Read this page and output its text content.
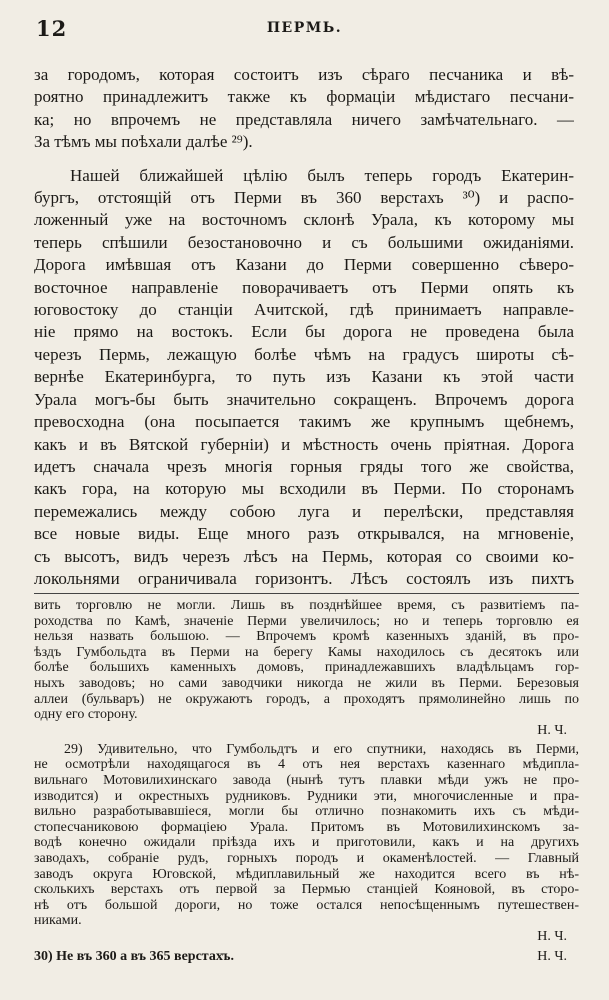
12	ПЕРМЬ.
за городомъ, которая состоитъ изъ сѣраго песчаника и вѣ-
роятно принадлежитъ также къ формаціи мѣдистаго песчани-
ка; но впрочемъ не представляла ничего замѣчательнаго. —
За тѣмъ мы поѣхали далѣе ²⁹).
Нашей ближайшей цѣлію былъ теперь городъ Екатерин-
бургъ, отстоящій отъ Перми въ 360 верстахъ ³⁰) и распо-
ложенный уже на восточномъ склонѣ Урала, къ которому мы
теперь спѣшили безостановочно и съ большими ожиданіями.
Дорога имѣвшая отъ Казани до Перми совершенно сѣверо-
восточное направленіе поворачиваетъ отъ Перми опять къ
юговостоку до станціи Ачитской, гдѣ принимаетъ направле-
ніе прямо на востокъ. Если бы дорога не проведена была
черезъ Пермь, лежащую болѣе чѣмъ на градусъ широты сѣ-
вернѣе Екатеринбурга, то путь изъ Казани къ этой части
Урала могъ-бы быть значительно сокращенъ. Впрочемъ дорога
превосходна (она посыпается такимъ же крупнымъ щебнемъ,
какъ и въ Вятской губерніи) и мѣстность очень пріятная. Дорога
идетъ сначала чрезъ многія горныя гряды того же свойства,
какъ гора, на которую мы всходили въ Перми. По сторонамъ
перемежались между собою луга и перелѣски, представляя
все новые виды. Еще много разъ открывался, на мгновеніе,
съ высотъ, видъ черезъ лѣсъ на Пермь, которая со своими ко-
локольнями ограничивала горизонтъ. Лѣсъ состоялъ изъ пихтъ
вить торговлю не могли. Лишь въ позднѣйшее время, съ развитіемъ па-
роходства по Камѣ, значеніе Перми увеличилось; но и теперь торговлю ея
нельзя назвать большою. — Впрочемъ кромѣ казенныхъ зданій, въ про-
ѣздъ Гумбольдта въ Перми на берегу Камы находилось съ десятокъ или
болѣе большихъ каменныхъ домовъ, принадлежавшихъ владѣльцамъ гор-
ныхъ заводовъ; но сами заводчики никогда не жили въ Перми. Березовыя
аллеи (бульваръ) не окружаютъ городъ, а проходятъ прямолинейно лишь по
одну его сторону.
Н. Ч.
29) Удивительно, что Гумбольдтъ и его спутники, находясь въ Перми,
не осмотрѣли находящагося въ 4 отъ нея верстахъ казеннаго мѣдипла-
вильнаго Мотовилихинскаго завода (нынѣ тутъ плавки мѣди ужъ не про-
изводится) и окрестныхъ рудниковъ. Рудники эти, многочисленные и пра-
вильно разработывавшіеся, могли бы отлично познакомить ихъ съ мѣди-
стопесчаниковою формаціею Урала. Притомъ въ Мотовилихинскомъ за-
водѣ конечно ожидали пріѣзда ихъ и приготовили, какъ и на другихъ
заводахъ, собраніе рудъ, горныхъ породъ и окаменѣлостей. — Главный
заводъ округа Юговской, мѣдиплавильный же находится всего въ нѣ-
сколькихъ верстахъ отъ первой за Пермью станціей Кояновой, въ сторо-
нѣ отъ большой дороги, но тоже остался непосѣщеннымъ путешествен-
никами.
Н. Ч.
30) Не въ 360 а въ 365 верстахъ.	Н. Ч.
